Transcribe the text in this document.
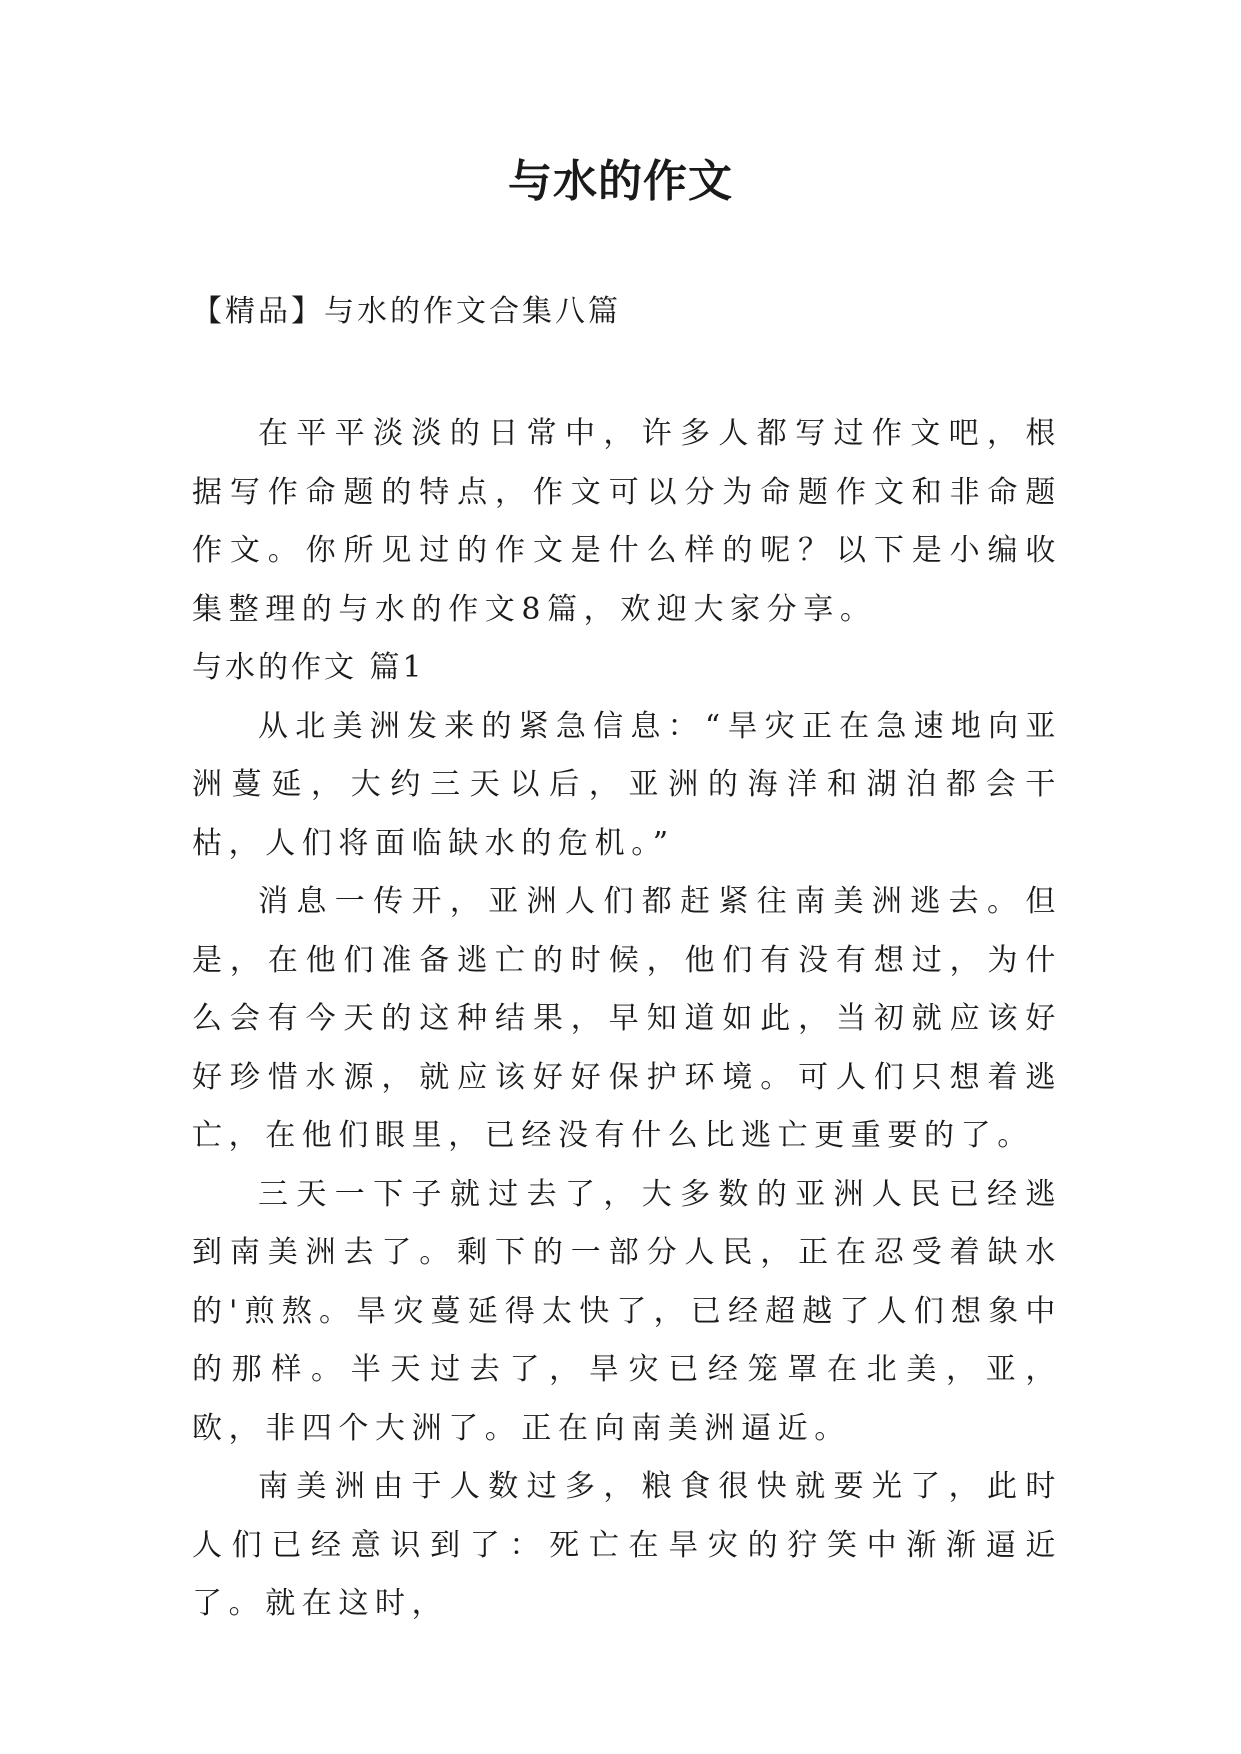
与水的作文

【精品】与水的作文合集八篇

在平平淡淡的日常中，许多人都写过作文吧，根据写作命题的特点，作文可以分为命题作文和非命题作文。你所见过的作文是什么样的呢？以下是小编收集整理的与水的作文8篇，欢迎大家分享。

与水的作文 篇1

从北美洲发来的紧急信息：“旱灾正在急速地向亚洲蔓延，大约三天以后，亚洲的海洋和湖泊都会干枯，人们将面临缺水的危机。”

消息一传开，亚洲人们都赶紧往南美洲逃去。但是，在他们准备逃亡的时候，他们有没有想过，为什么会有今天的这种结果，早知道如此，当初就应该好好珍惜水源，就应该好好保护环境。可人们只想着逃亡，在他们眼里，已经没有什么比逃亡更重要的了。

三天一下子就过去了，大多数的亚洲人民已经逃到南美洲去了。剩下的一部分人民，正在忍受着缺水的'煎熬。旱灾蔓延得太快了，已经超越了人们想象中的那样。半天过去了，旱灾已经笼罩在北美，亚，欧，非四个大洲了。正在向南美洲逼近。

南美洲由于人数过多，粮食很快就要光了，此时人们已经意识到了：死亡在旱灾的狞笑中渐渐逼近了。就在这时，
